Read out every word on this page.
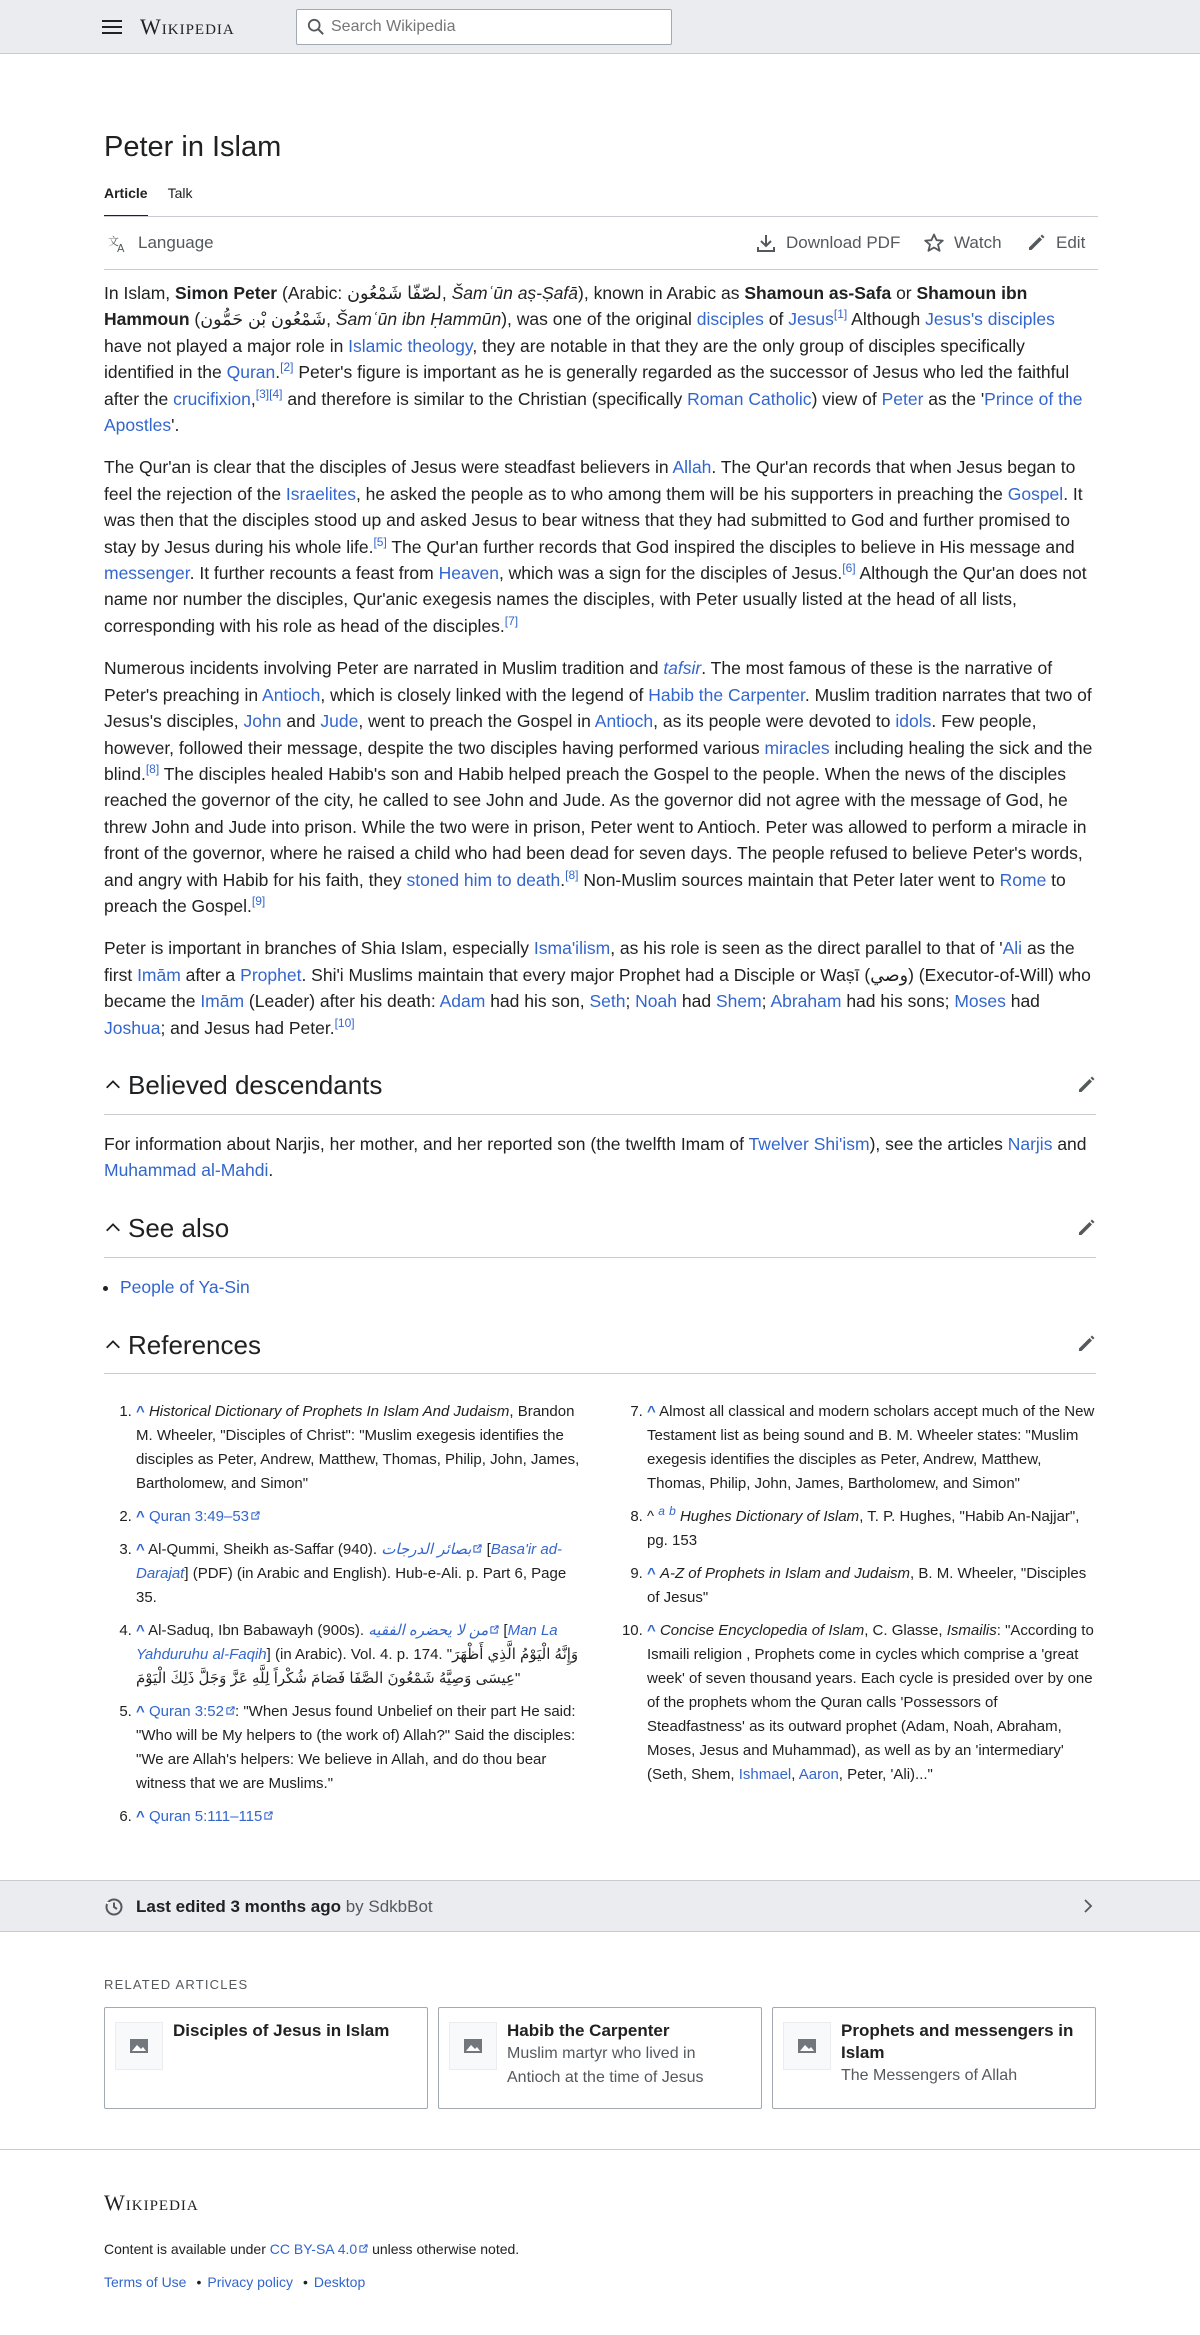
Wikipedia
Search Wikipedia
Peter in Islam
Article Talk
文
A Language	Download PDF	Watch	Edit

In Islam, Simon Peter (Arabic: لصّفّا شَمْعُون, Šamʿūn aṣ-Ṣafā), known in Arabic as Shamoun as-Safa or Shamoun ibn Hammoun (شَمْعُون بْن حَمُّون, Šamʿūn ibn Ḥammūn), was one of the original disciples of Jesus[1] Although Jesus's disciples have not played a major role in Islamic theology, they are notable in that they are the only group of disciples specifically identified in the Quran.[2] Peter's figure is important as he is generally regarded as the successor of Jesus who led the faithful after the crucifixion,[3][4] and therefore is similar to the Christian (specifically Roman Catholic) view of Peter as the 'Prince of the Apostles'.

The Qur'an is clear that the disciples of Jesus were steadfast believers in Allah. The Qur'an records that when Jesus began to feel the rejection of the Israelites, he asked the people as to who among them will be his supporters in preaching the Gospel. It was then that the disciples stood up and asked Jesus to bear witness that they had submitted to God and further promised to stay by Jesus during his whole life.[5] The Qur'an further records that God inspired the disciples to believe in His message and messenger. It further recounts a feast from Heaven, which was a sign for the disciples of Jesus.[6] Although the Qur'an does not name nor number the disciples, Qur'anic exegesis names the disciples, with Peter usually listed at the head of all lists, corresponding with his role as head of the disciples.[7]

Numerous incidents involving Peter are narrated in Muslim tradition and tafsir. The most famous of these is the narrative of Peter's preaching in Antioch, which is closely linked with the legend of Habib the Carpenter. Muslim tradition narrates that two of Jesus's disciples, John and Jude, went to preach the Gospel in Antioch, as its people were devoted to idols. Few people, however, followed their message, despite the two disciples having performed various miracles including healing the sick and the blind.[8] The disciples healed Habib's son and Habib helped preach the Gospel to the people. When the news of the disciples reached the governor of the city, he called to see John and Jude. As the governor did not agree with the message of God, he threw John and Jude into prison. While the two were in prison, Peter went to Antioch. Peter was allowed to perform a miracle in front of the governor, where he raised a child who had been dead for seven days. The people refused to believe Peter's words, and angry with Habib for his faith, they stoned him to death.[8] Non-Muslim sources maintain that Peter later went to Rome to preach the Gospel.[9]

Peter is important in branches of Shia Islam, especially Isma'ilism, as his role is seen as the direct parallel to that of 'Ali as the first Imām after a Prophet. Shi'i Muslims maintain that every major Prophet had a Disciple or Waṣī (وصي) (Executor-of-Will) who became the Imām (Leader) after his death: Adam had his son, Seth; Noah had Shem; Abraham had his sons; Moses had Joshua; and Jesus had Peter.[10]

Believed descendants

For information about Narjis, her mother, and her reported son (the twelfth Imam of Twelver Shi'ism), see the articles Narjis and Muhammad al-Mahdi.

See also
• People of Ya-Sin
References
1. ^ Historical Dictionary of Prophets In Islam And Judaism, Brandon M. Wheeler, "Disciples of Christ": "Muslim exegesis identifies the disciples as Peter, Andrew, Matthew, Thomas, Philip, John, James, Bartholomew, and Simon"
2. ^ Quran 3:49–53
3. ^ Al-Qummi, Sheikh as-Saffar (940). بصائر الدرجات [Basa'ir ad-Darajat] (PDF) (in Arabic and English). Hub-e-Ali. p. Part 6, Page 35.
4. ^ Al-Saduq, Ibn Babawayh (900s). من لا يحضره الفقيه [Man La Yahduruhu al-Faqih] (in Arabic). Vol. 4. p. 174. "وَإِنَّهُ الْيَوْمُ الَّذِي أَظْهَرَ عِيسَى وَصِيَّهُ شَمْعُونَ الصَّفَا فَصَامَ شُكْراً لِلَّهِ عَزَّ وَجَلَّ ذَلِكَ الْيَوْمَ"
5. ^ Quran 3:52 : "When Jesus found Unbelief on their part He said: "Who will be My helpers to (the work of) Allah?" Said the disciples: "We are Allah's helpers: We believe in Allah, and do thou bear witness that we are Muslims."
6. ^ Quran 5:111–115
7. ^ Almost all classical and modern scholars accept much of the New Testament list as being sound and B. M. Wheeler states: "Muslim exegesis identifies the disciples as Peter, Andrew, Matthew, Thomas, Philip, John, James, Bartholomew, and Simon"
8. ^ $^a$ $^b$ Hughes Dictionary of Islam, T. P. Hughes, "Habib An-Najjar", pg. 153
9. ^ A-Z of Prophets in Islam and Judaism, B. M. Wheeler, "Disciples of Jesus"
10. ^ Concise Encyclopedia of Islam, C. Glasse, Ismailis: "According to Ismaili religion , Prophets come in cycles which comprise a 'great week' of seven thousand years. Each cycle is presided over by one of the prophets whom the Quran calls 'Possessors of Steadfastness' as its outward prophet (Adam, Noah, Abraham, Moses, Jesus and Muhammad), as well as by an 'intermediary' (Seth, Shem, Ishmael, Aaron, Peter, 'Ali)..."
Last edited 3 months ago by SdkbBot
RELATED ARTICLES
Disciples of Jesus in Islam	Habib the Carpenter
Muslim martyr who lived in Antioch at the time of Jesus
Prophets and messengers in Islam
The Messengers of Allah
Wikipedia
Content is available under CC BY-SA 4.0 unless otherwise noted.
Terms of Use • Privacy policy • Desktop
